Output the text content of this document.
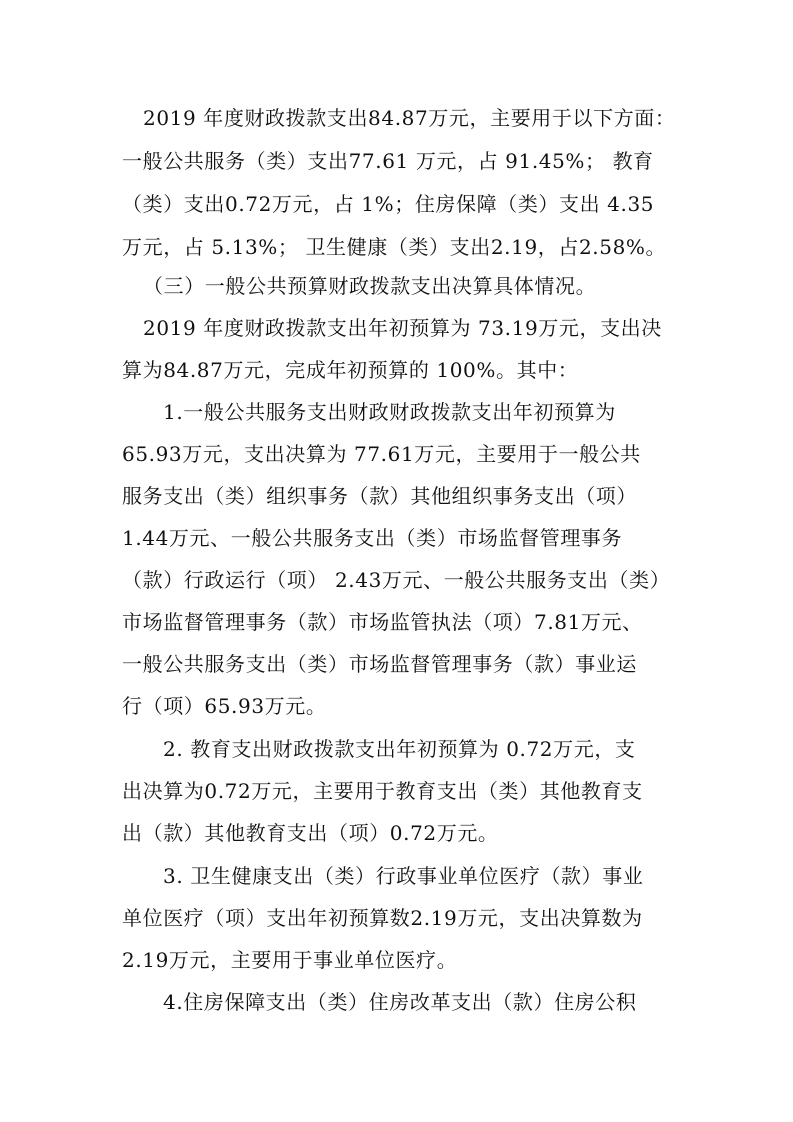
2019 年度财政拨款支出84.87万元，主要用于以下方面：
一般公共服务（类）支出77.61 万元，占 91.45%； 教育
（类）支出0.72万元，占 1%；住房保障（类）支出 4.35
万元，占 5.13%； 卫生健康（类）支出2.19，占2.58%。
（三）一般公共预算财政拨款支出决算具体情况。
2019 年度财政拨款支出年初预算为 73.19万元，支出决
算为84.87万元，完成年初预算的 100%。其中：
1.一般公共服务支出财政财政拨款支出年初预算为
65.93万元，支出决算为 77.61万元，主要用于一般公共
服务支出（类）组织事务（款）其他组织事务支出（项）
1.44万元、一般公共服务支出（类）市场监督管理事务
（款）行政运行（项） 2.43万元、一般公共服务支出（类）
市场监督管理事务（款）市场监管执法（项）7.81万元、
一般公共服务支出（类）市场监督管理事务（款）事业运
行（项）65.93万元。
2. 教育支出财政拨款支出年初预算为 0.72万元，支
出决算为0.72万元，主要用于教育支出（类）其他教育支
出（款）其他教育支出（项）0.72万元。
3. 卫生健康支出（类）行政事业单位医疗（款）事业
单位医疗（项）支出年初预算数2.19万元，支出决算数为
2.19万元，主要用于事业单位医疗。
4.住房保障支出（类）住房改革支出（款）住房公积
